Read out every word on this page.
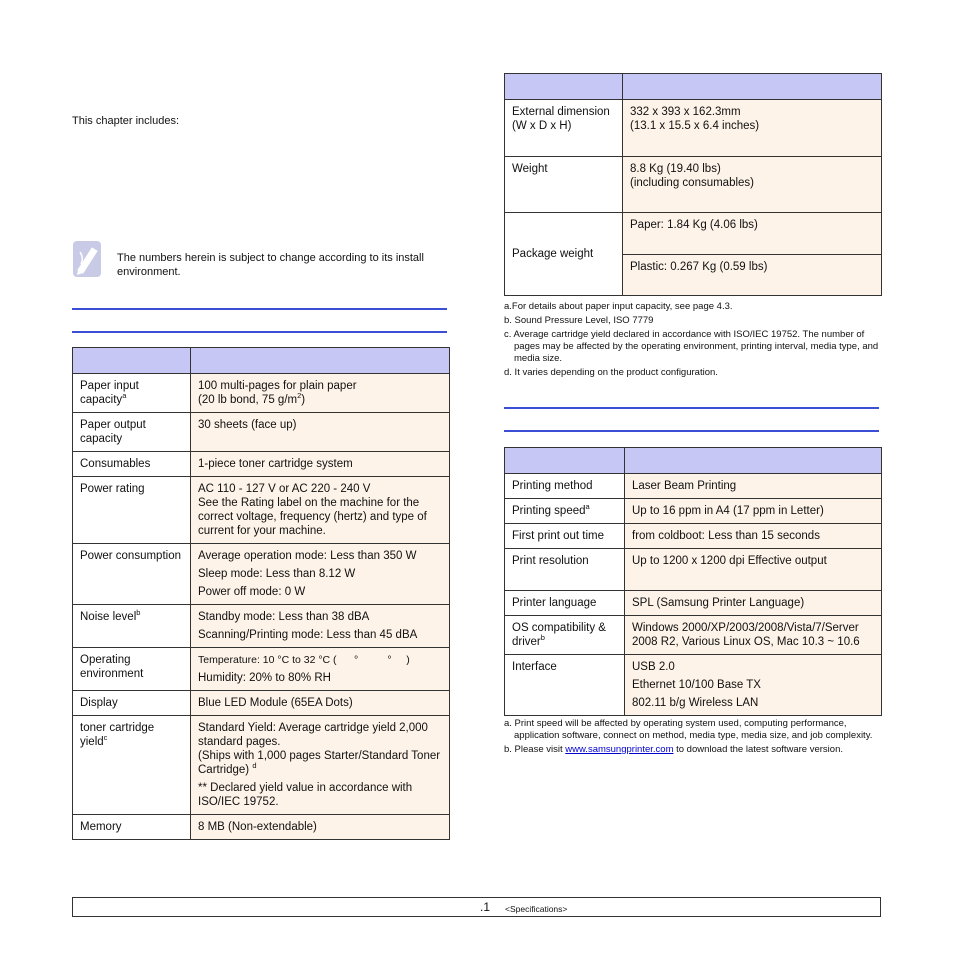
This chapter includes:
The numbers herein is subject to change according to its install environment.

Paper input capacity$^a$	100 multi-pages for plain paper
(20 lb bond, 75 $g/m^2$)
Paper output capacity	30 sheets (face up)
Consumables	1-piece toner cartridge system
Power rating	AC 110 - 127 V or AC 220 - 240 V
See the Rating label on the machine for the correct voltage, frequency (hertz) and type of current for your machine.
Power consumption	Average operation mode: Less than 350 W
Sleep mode: Less than 8.12 W
Power off mode: 0 W

Noise level$^b$	Standby mode: Less than 38 dBA
Scanning/Printing mode: Less than 45 dBA

Operating environment	Temperature: 10 °C to 32 °C (      °          °     )
Humidity: 20% to 80% RH

Display	Blue LED Module (65EA Dots)
toner cartridge yield$^c$	Standard Yield: Average cartridge yield 2,000 standard pages.
(Ships with 1,000 pages Starter/Standard Toner Cartridge) $^d$
** Declared yield value in accordance with ISO/IEC 19752.

Memory	8 MB (Non-extendable)

External dimension (W x D x H)	332 x 393 x 162.3mm
(13.1 x 15.5 x 6.4 inches)
Weight	8.8 Kg (19.40 lbs)
(including consumables)
Package weight	Paper: 1.84 Kg (4.06 lbs)
	Plastic: 0.267 Kg (0.59 lbs)
a.For details about paper input capacity, see page 4.3.
b. Sound Pressure Level, ISO 7779
c. Average cartridge yield declared in accordance with ISO/IEC 19752. The number of pages may be affected by the operating environment, printing interval, media type, and media size.
d. It varies depending on the product configuration.

Printing method	Laser Beam Printing
Printing speed$^a$	Up to 16 ppm in A4 (17 ppm in Letter)
First print out time	from coldboot: Less than 15 seconds
Print resolution	Up to 1200 x 1200 dpi Effective output
Printer language	SPL (Samsung Printer Language)
OS compatibility & driver$^b$	Windows 2000/XP/2003/2008/Vista/7/Server 2008 R2, Various Linux OS, Mac 10.3 ~ 10.6
Interface	USB 2.0
Ethernet 10/100 Base TX
802.11 b/g Wireless LAN
a. Print speed will be affected by operating system used, computing performance, application software, connect on method, media type, media size, and job complexity.
b. Please visit www.samsungprinter.com to download the latest software version.
.1 <Specifications>
